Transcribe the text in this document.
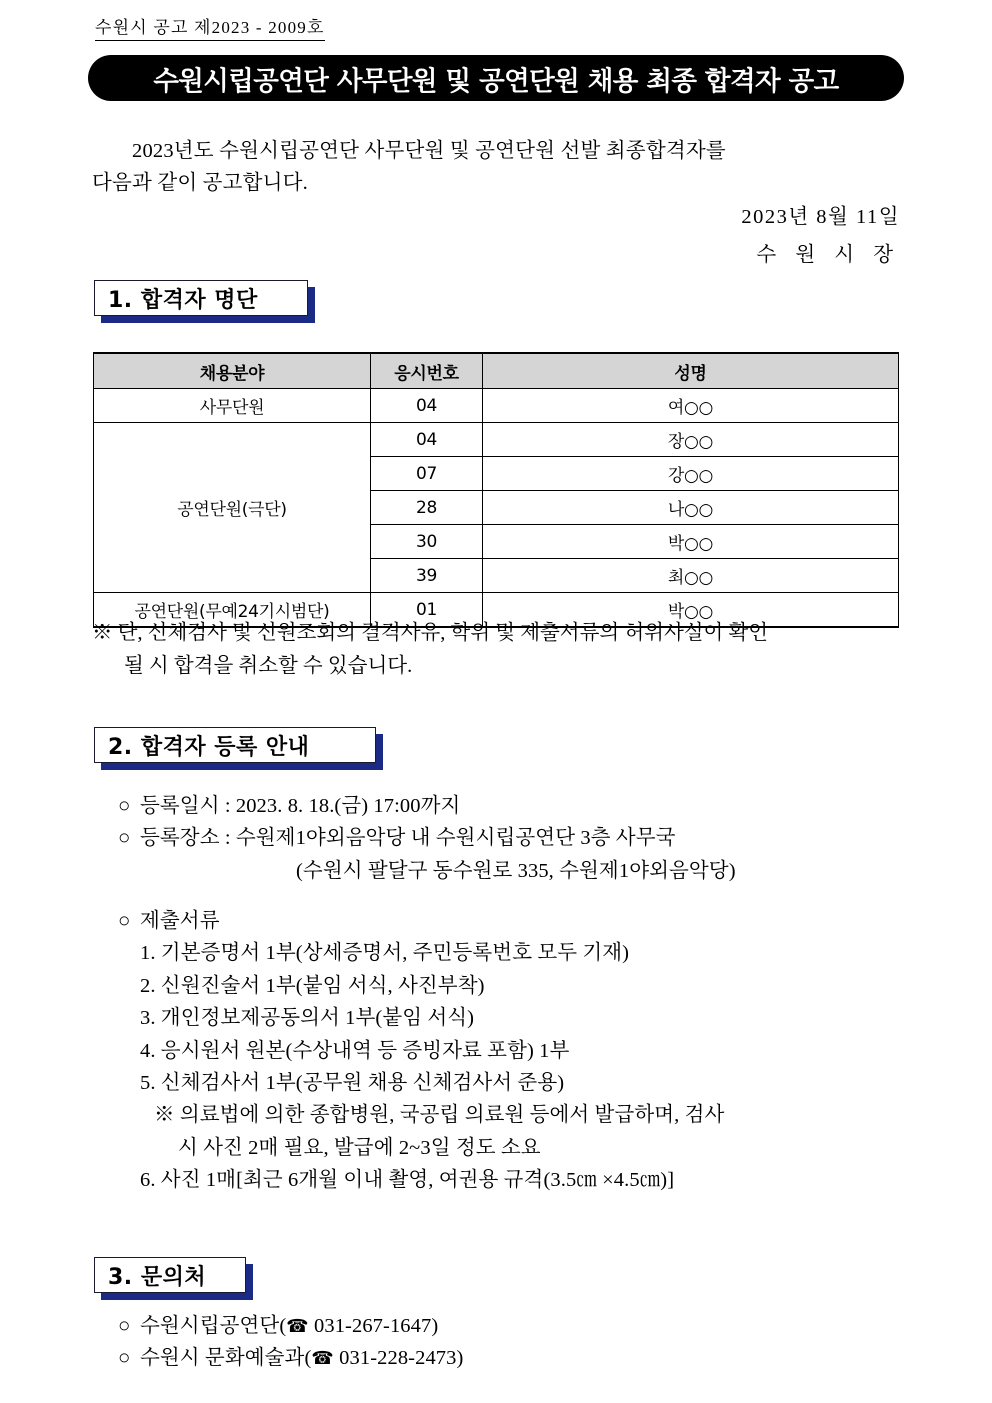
수원시 공고 제2023 - 2009호
수원시립공연단 사무단원 및 공연단원 채용 최종 합격자 공고
2023년도 수원시립공연단 사무단원 및 공연단원 선발 최종합격자를
다음과 같이 공고합니다.
2023년 8월 11일
수 원 시 장
1. 합격자 명단
채용분야	응시번호	성명
사무단원	04	여○○
공연단원(극단)	04	장○○
	07	강○○
	28	나○○
	30	박○○
	39	최○○
공연단원(무예24기시범단)	01	박○○
※ 단, 신체검사 및 신원조회의 결격사유, 학위 및 제출서류의 허위사실이 확인
될 시 합격을 취소할 수 있습니다.
2. 합격자 등록 안내
○ 등록일시 : 2023. 8. 18.(금) 17:00까지
○ 등록장소 : 수원제1야외음악당 내 수원시립공연단 3층 사무국
(수원시 팔달구 동수원로 335, 수원제1야외음악당)
○ 제출서류
1. 기본증명서 1부(상세증명서, 주민등록번호 모두 기재)
2. 신원진술서 1부(붙임 서식, 사진부착)
3. 개인정보제공동의서 1부(붙임 서식)
4. 응시원서 원본(수상내역 등 증빙자료 포함) 1부
5. 신체검사서 1부(공무원 채용 신체검사서 준용)
※ 의료법에 의한 종합병원, 국공립 의료원 등에서 발급하며, 검사
시 사진 2매 필요, 발급에 2~3일 정도 소요
6. 사진 1매[최근 6개월 이내 촬영, 여권용 규격(3.5㎝ ×4.5㎝)]
3. 문의처
○ 수원시립공연단(☎ 031-267-1647)
○ 수원시 문화예술과(☎ 031-228-2473)
